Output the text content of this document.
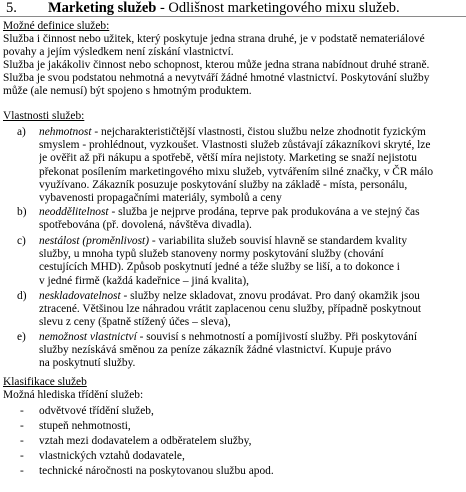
5. Marketing služeb - Odlišnost marketingového mixu služeb.
Možné definice služeb:
Služba i činnost nebo užitek, který poskytuje jedna strana druhé, je v podstatě nemateriálové
povahy a jejím výsledkem není získání vlastnictví.
Služba je jakákoliv činnost nebo schopnost, kterou může jedna strana nabídnout druhé straně.
Služba je svou podstatou nehmotná a nevytváří žádné hmotné vlastnictví. Poskytování služby
může (ale nemusí) být spojeno s hmotným produktem.
Vlastnosti služeb:
a) nehmotnost - nejcharakterističtější vlastnosti, čistou službu nelze zhodnotit fyzickým
smyslem - prohlédnout, vyzkoušet. Vlastnosti služeb zůstávají zákazníkovi skryté, lze
je ověřit až při nákupu a spotřebě, větší míra nejistoty. Marketing se snaží nejistotu
překonat posílením marketingového mixu služeb, vytvářením silné značky, v ČR málo
využívano. Zákazník posuzuje poskytování služby na základě - místa, personálu,
vybavenosti propagačními materiály, symbolů a ceny
b) neoddělitelnost - služba je nejprve prodána, teprve pak produkována a ve stejný čas
spotřebována (př. dovolená, návštěva divadla).
c) nestálost (proměnlivost) - variabilita služeb souvisí hlavně se standardem kvality
služby, u mnoha typů služeb stanoveny normy poskytování služby (chování
cestujících MHD). Způsob poskytnutí jedné a téže služby se liší, a to dokonce i
v jedné firmě (každá kadeřnice – jiná kvalita),
d) neskladovatelnost - služby nelze skladovat, znovu prodávat. Pro daný okamžik jsou
ztracené. Většinou lze náhradou vrátit zaplacenou cenu služby, případně poskytnout
slevu z ceny (špatně stížený účes – sleva),
e) nemožnost vlastnictví - souvisí s nehmotností a pomíjivostí služby. Při poskytování
služby nezískává směnou za peníze zákazník žádné vlastnictví. Kupuje právo
na poskytnutí služby.
Klasifikace služeb
Možná hlediska třídění služeb:
- odvětvové třídění služeb,
- stupeň nehmotnosti,
- vztah mezi dodavatelem a odběratelem služby,
- vlastnických vztahů dodavatele,
- technické náročnosti na poskytovanou službu apod.
